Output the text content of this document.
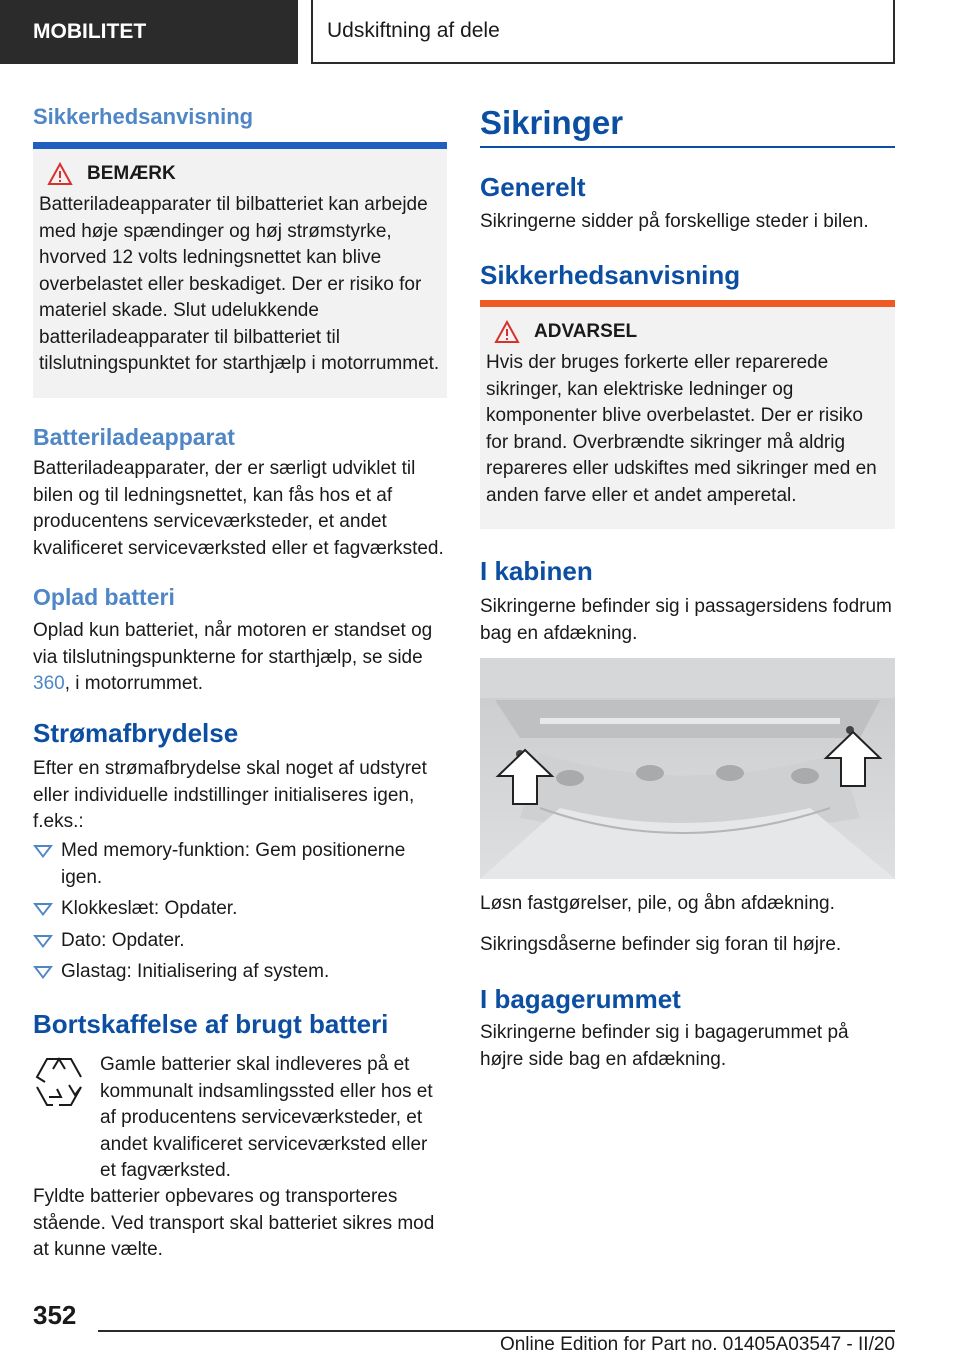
MOBILITET	Udskiftning af dele
Sikkerhedsanvisning
BEMÆRK

Batteriladeapparater til bilbatteriet kan arbejde med høje spændinger og høj strømstyrke, hvorved 12 volts ledningsnettet kan blive overbelastet eller beskadiget. Der er risiko for materiel skade. Slut udelukkende batteriladeapparater til bilbatteriet til tilslutningspunktet for starthjælp i motorrummet.

Batteriladeapparat

Batteriladeapparater, der er særligt udviklet til bilen og til ledningsnettet, kan fås hos et af producentens serviceværksteder, et andet kvalificeret serviceværksted eller et fagværksted.

Oplad batteri

Oplad kun batteriet, når motoren er standset og via tilslutningspunkterne for starthjælp, se side 360, i motorrummet.

Strømafbrydelse

Efter en strømafbrydelse skal noget af udstyret eller individuelle indstillinger initialiseres igen, f.eks.:

Med memory-funktion: Gem positionerne igen.
Klokkeslæt: Opdater.
Dato: Opdater.
Glastag: Initialisering af system.
Bortskaffelse af brugt batteri

Gamle batterier skal indleveres på et kommunalt indsamlingssted eller hos et af producentens serviceværksteder, et andet kvalificeret serviceværksted eller et fagværksted.

Fyldte batterier opbevares og transporteres stående. Ved transport skal batteriet sikres mod at kunne vælte.

Sikringer
Generelt

Sikringerne sidder på forskellige steder i bilen.

Sikkerhedsanvisning
ADVARSEL

Hvis der bruges forkerte eller reparerede sikringer, kan elektriske ledninger og komponenter blive overbelastet. Der er risiko for brand. Overbrændte sikringer må aldrig repareres eller udskiftes med sikringer med en anden farve eller et andet amperetal.

I kabinen

Sikringerne befinder sig i passagersidens fodrum bag en afdækning.

Løsn fastgørelser, pile, og åbn afdækning.

Sikringsdåserne befinder sig foran til højre.

I bagagerummet

Sikringerne befinder sig i bagagerummet på højre side bag en afdækning.

352
Online Edition for Part no. 01405A03547 - II/20
